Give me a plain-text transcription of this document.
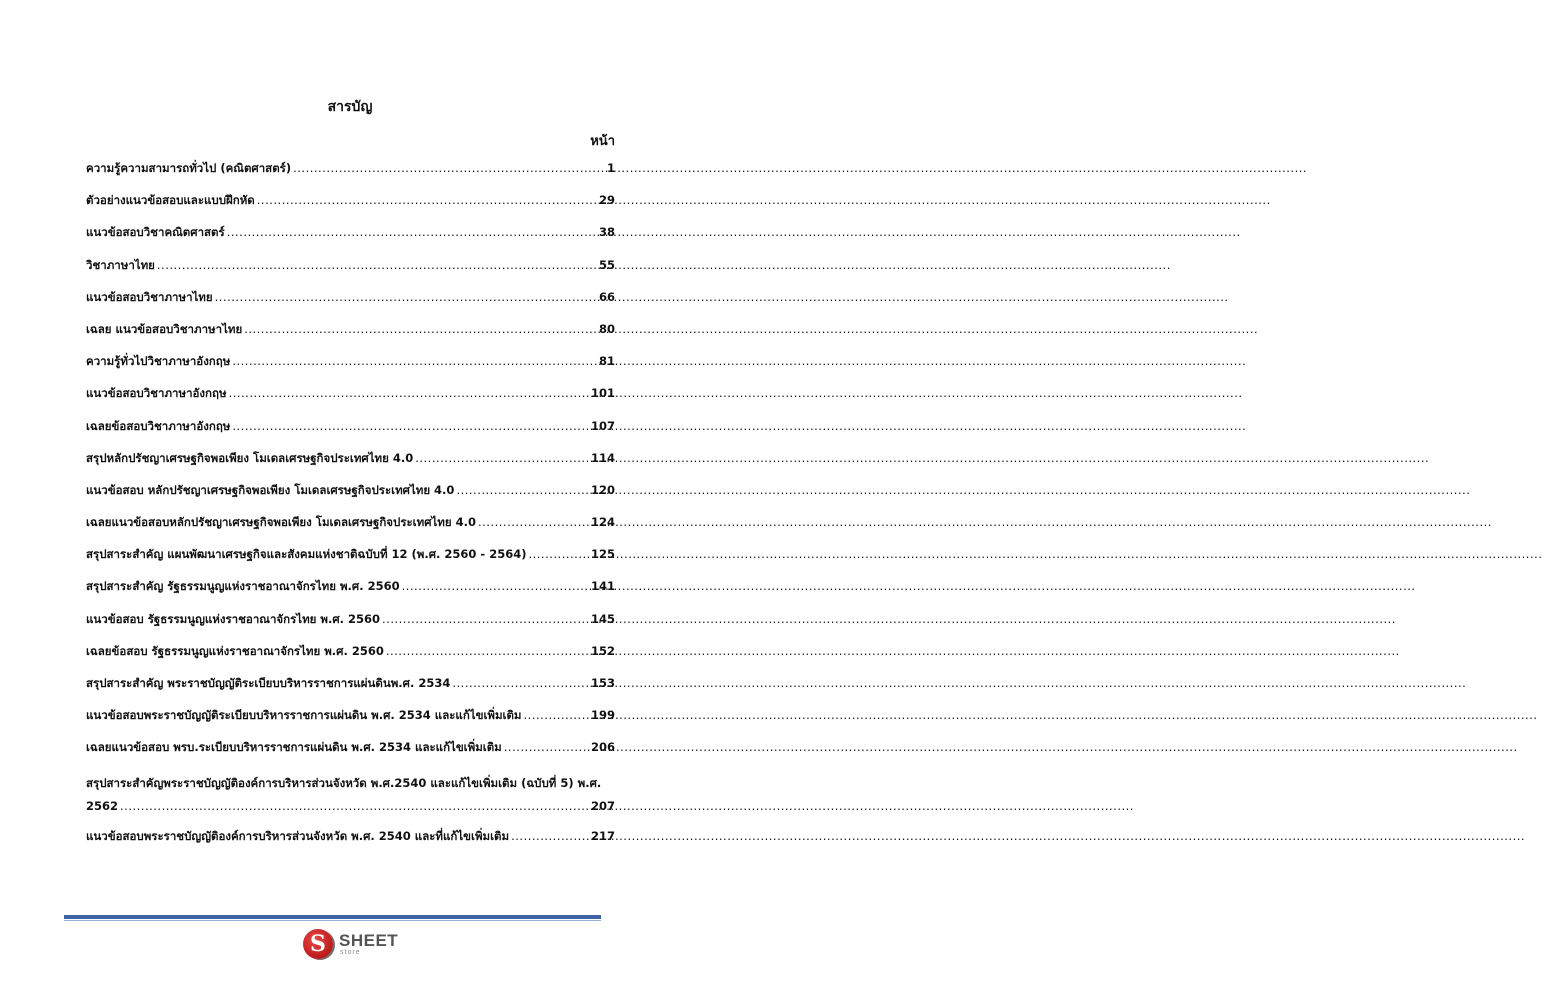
สารบัญ
หน้า
ความรู้ความสามารถทั่วไป (คณิตศาสตร์) .....	1
ตัวอย่างแนวข้อสอบและแบบฝึกหัด .....	29
แนวข้อสอบวิชาคณิตศาสตร์ .....	38
วิชาภาษาไทย .....	55
แนวข้อสอบวิชาภาษาไทย .....	66
เฉลย แนวข้อสอบวิชาภาษาไทย .....	80
ความรู้ทั่วไปวิชาภาษาอังกฤษ .....	81
แนวข้อสอบวิชาภาษาอังกฤษ .....	101
เฉลยข้อสอบวิชาภาษาอังกฤษ .....	107
สรุปหลักปรัชญาเศรษฐกิจพอเพียง โมเดลเศรษฐกิจประเทศไทย 4.0 .....	114
แนวข้อสอบ หลักปรัชญาเศรษฐกิจพอเพียง โมเดลเศรษฐกิจประเทศไทย 4.0 .....	120
เฉลยแนวข้อสอบหลักปรัชญาเศรษฐกิจพอเพียง โมเดลเศรษฐกิจประเทศไทย 4.0 .....	124
สรุปสาระสำคัญ แผนพัฒนาเศรษฐกิจและสังคมแห่งชาติฉบับที่ 12 (พ.ศ. 2560 - 2564) .....	125
สรุปสาระสำคัญ รัฐธรรมนูญแห่งราชอาณาจักรไทย พ.ศ. 2560 .....	141
แนวข้อสอบ รัฐธรรมนูญแห่งราชอาณาจักรไทย พ.ศ. 2560 .....	145
เฉลยข้อสอบ รัฐธรรมนูญแห่งราชอาณาจักรไทย พ.ศ. 2560 .....	152
สรุปสาระสำคัญ พระราชบัญญัติระเบียบบริหารราชการแผ่นดินพ.ศ. 2534 .....	153
แนวข้อสอบพระราชบัญญัติระเบียบบริหารราชการแผ่นดิน พ.ศ. 2534 และแก้ไขเพิ่มเติม .....	199
เฉลยแนวข้อสอบ พรบ.ระเบียบบริหารราชการแผ่นดิน พ.ศ. 2534 และแก้ไขเพิ่มเติม .....	206
สรุปสาระสำคัญพระราชบัญญัติองค์การบริหารส่วนจังหวัด พ.ศ.2540 และแก้ไขเพิ่มเติม (ฉบับที่ 5) พ.ศ.
2562 .....	207
แนวข้อสอบพระราชบัญญัติองค์การบริหารส่วนจังหวัด พ.ศ. 2540 และที่แก้ไขเพิ่มเติม .....	217
S SHEET
store
